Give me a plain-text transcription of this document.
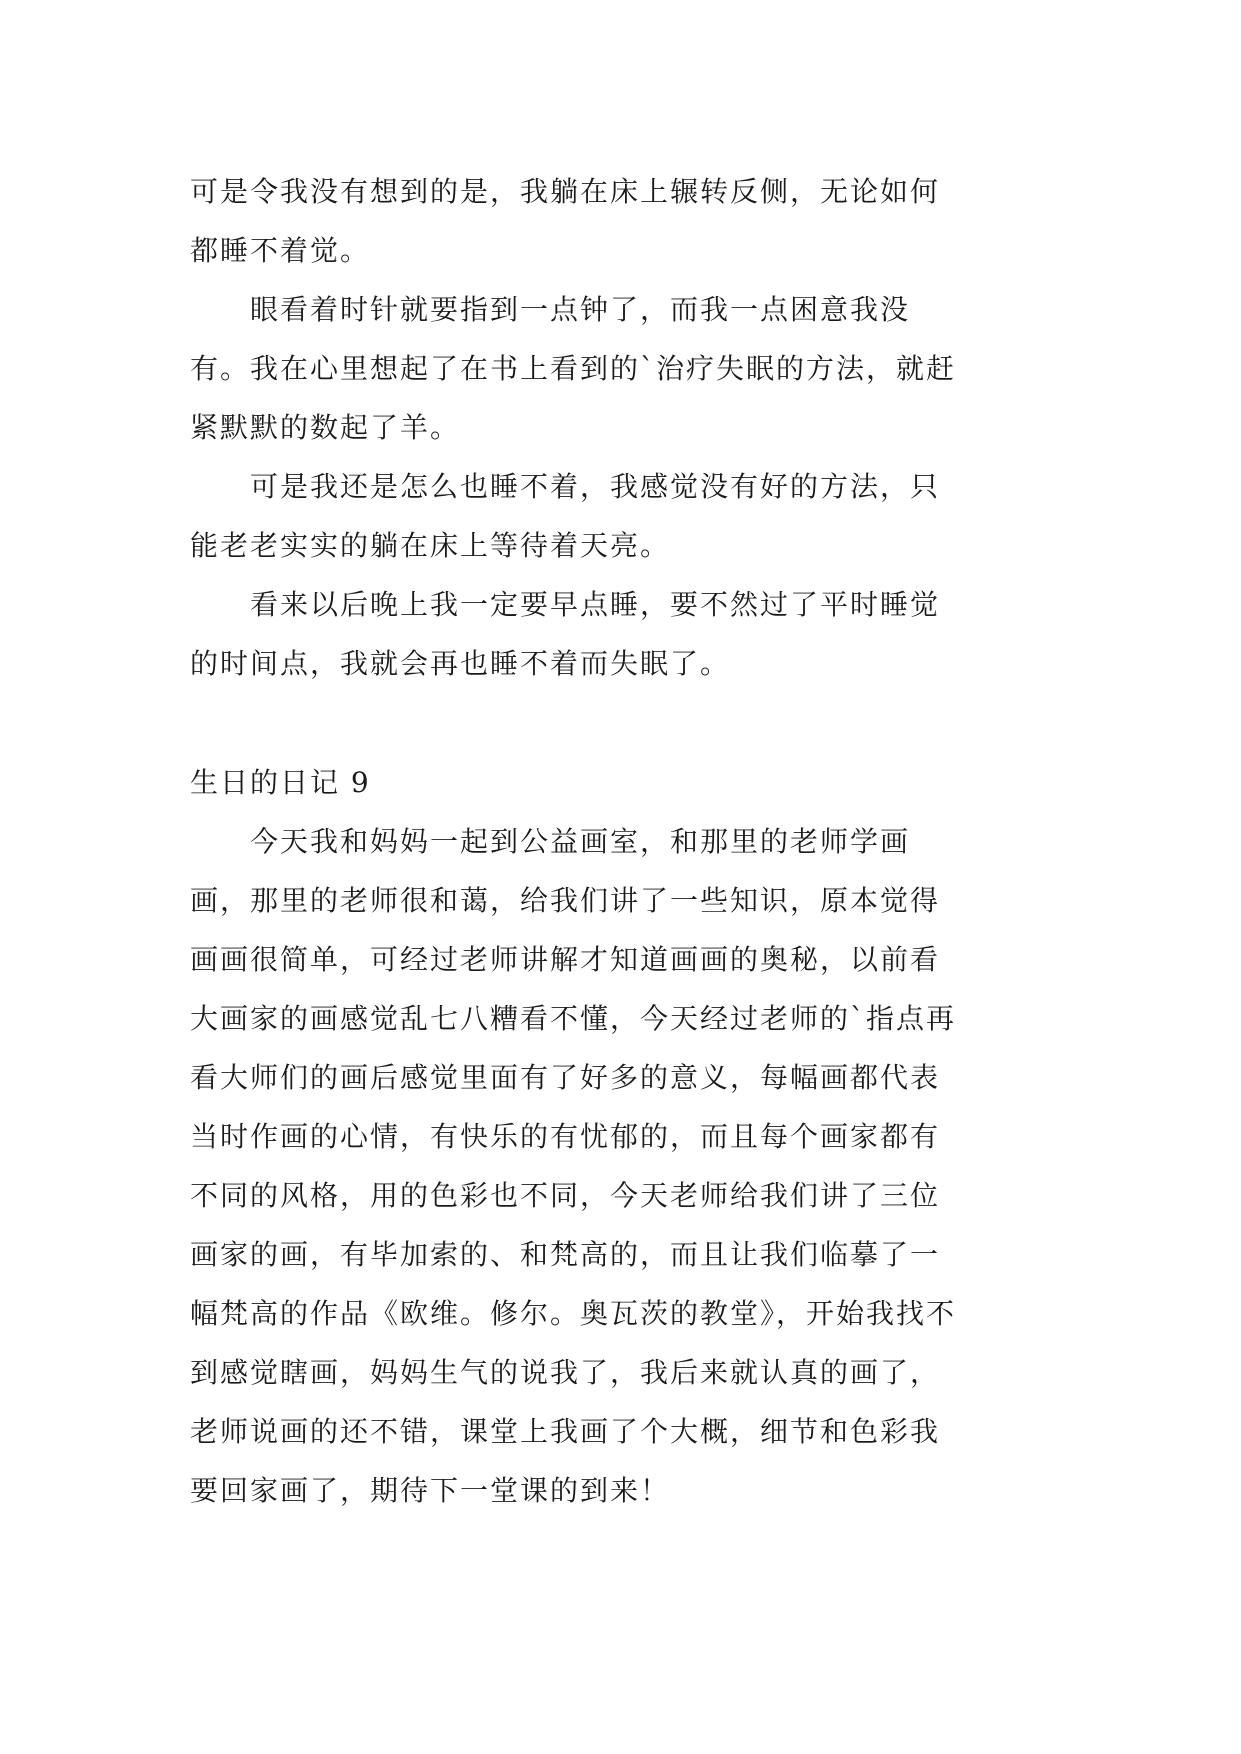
可是令我没有想到的是，我躺在床上辗转反侧，无论如何都睡不着觉。

眼看着时针就要指到一点钟了，而我一点困意我没有。我在心里想起了在书上看到的`治疗失眠的方法，就赶紧默默的数起了羊。

可是我还是怎么也睡不着，我感觉没有好的方法，只能老老实实的躺在床上等待着天亮。

看来以后晚上我一定要早点睡，要不然过了平时睡觉的时间点，我就会再也睡不着而失眠了。

生日的日记 9

今天我和妈妈一起到公益画室，和那里的老师学画画，那里的老师很和蔼，给我们讲了一些知识，原本觉得画画很简单，可经过老师讲解才知道画画的奥秘，以前看大画家的画感觉乱七八糟看不懂，今天经过老师的`指点再看大师们的画后感觉里面有了好多的意义，每幅画都代表当时作画的心情，有快乐的有忧郁的，而且每个画家都有不同的风格，用的色彩也不同，今天老师给我们讲了三位画家的画，有毕加索的、和梵高的，而且让我们临摹了一幅梵高的作品《欧维。修尔。奥瓦茨的教堂》，开始我找不到感觉瞎画，妈妈生气的说我了，我后来就认真的画了，老师说画的还不错，课堂上我画了个大概，细节和色彩我要回家画了，期待下一堂课的到来！
